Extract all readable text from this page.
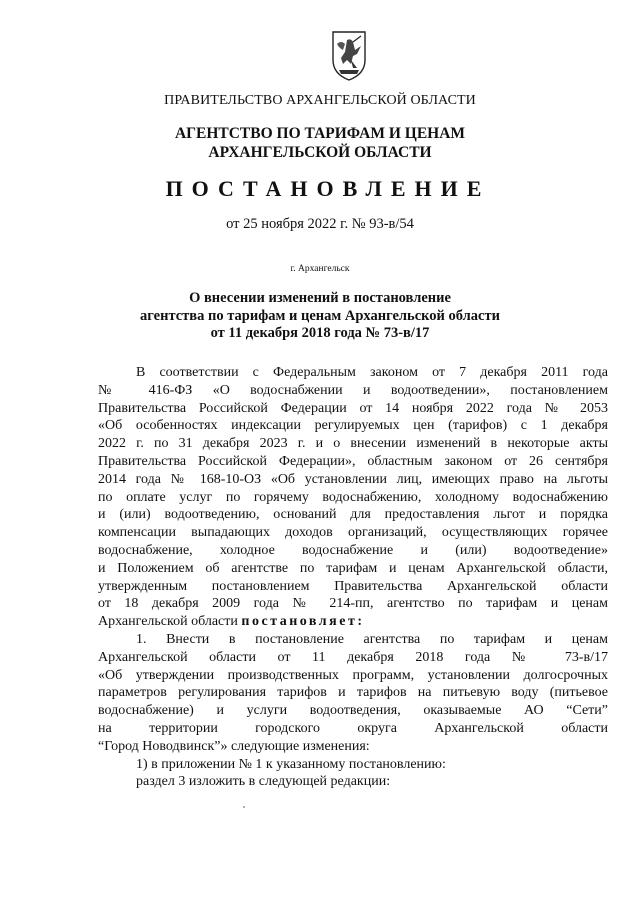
ПРАВИТЕЛЬСТВО АРХАНГЕЛЬСКОЙ ОБЛАСТИ
АГЕНТСТВО ПО ТАРИФАМ И ЦЕНАМ
АРХАНГЕЛЬСКОЙ ОБЛАСТИ
ПОСТАНОВЛЕНИЕ
от 25 ноября 2022 г. № 93-в/54
г. Архангельск
О внесении изменений в постановление
агентства по тарифам и ценам Архангельской области
от 11 декабря 2018 года № 73-в/17
В соответствии с Федеральным законом от 7 декабря 2011 года
№ 416-ФЗ «О водоснабжении и водоотведении», постановлением
Правительства Российской Федерации от 14 ноября 2022 года № 2053
«Об особенностях индексации регулируемых цен (тарифов) с 1 декабря
2022 г. по 31 декабря 2023 г. и о внесении изменений в некоторые акты
Правительства Российской Федерации», областным законом от 26 сентября
2014 года № 168-10-ОЗ «Об установлении лиц, имеющих право на льготы
по оплате услуг по горячему водоснабжению, холодному водоснабжению
и (или) водоотведению, оснований для предоставления льгот и порядка
компенсации выпадающих доходов организаций, осуществляющих горячее
водоснабжение, холодное водоснабжение и (или) водоотведение»
и Положением об агентстве по тарифам и ценам Архангельской области,
утвержденным постановлением Правительства Архангельской области
от 18 декабря 2009 года № 214-пп, агентство по тарифам и ценам
Архангельской области постановляет:
1. Внести в постановление агентства по тарифам и ценам
Архангельской области от 11 декабря 2018 года № 73-в/17
«Об утверждении производственных программ, установлении долгосрочных
параметров регулирования тарифов и тарифов на питьевую воду (питьевое
водоснабжение) и услуги водоотведения, оказываемые АО “Сети”
на территории городского округа Архангельской области
“Город Новодвинск”» следующие изменения:
1) в приложении № 1 к указанному постановлению:
раздел 3 изложить в следующей редакции:
